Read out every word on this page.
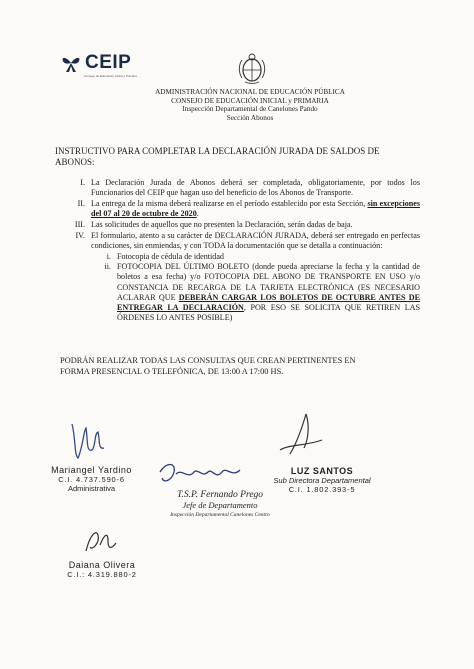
CEIP
Consejo de Educación Inicial y Primaria
ADMINISTRACIÓN NACIONAL DE EDUCACIÓN PÚBLICA
CONSEJO DE EDUCACIÓN INICIAL y PRIMARIA
Inspección Departamental de Canelones Pando
Sección Abonos
INSTRUCTIVO PARA COMPLETAR LA DECLARACIÓN JURADA DE SALDOS DE ABONOS:
I. La Declaración Jurada de Abonos deberá ser completada, obligatoriamente, por todos los Funcionarios del CEIP que hagan uso del beneficio de los Abonos de Transporte.
II. La entrega de la misma deberá realizarse en el período establecido por esta Sección, sin excepciones del 07 al 20 de octubre de 2020.
III. Las solicitudes de aquellos que no presenten la Declaración, serán dadas de baja.
IV. El formulario, atento a su carácter de DECLARACIÓN JURADA, deberá ser entregado en perfectas condiciones, sin enmiendas, y con TODA la documentación que se detalla a continuación:
i. Fotocopia de cédula de identidad
ii. FOTOCOPIA DEL ÚLTIMO BOLETO (donde pueda apreciarse la fecha y la cantidad de boletos a esa fecha) y/o FOTOCOPIA DEL ABONO DE TRANSPORTE EN USO y/o CONSTANCIA DE RECARGA DE LA TARJETA ELECTRÓNICA (ES NECESARIO ACLARAR QUE DEBERÁN CARGAR LOS BOLETOS DE OCTUBRE ANTES DE ENTREGAR LA DECLARACIÓN, POR ESO SE SOLICITA QUE RETIREN LAS ÓRDENES LO ANTES POSIBLE)
PODRÁN REALIZAR TODAS LAS CONSULTAS QUE CREAN PERTINENTES EN FORMA PRESENCIAL O TELEFÓNICA, DE 13:00 A 17:00 HS.
Mariangel Yardino
C.I. 4.737.590-6
Administrativa
LUZ SANTOS
Sub Directora Departamental
C.I. 1.802.393-5
T.S.P. Fernando Prego
Jefe de Departamento
Inspección Departamental Canelones Centro
Daiana Olivera
C.I.: 4.319.880-2
